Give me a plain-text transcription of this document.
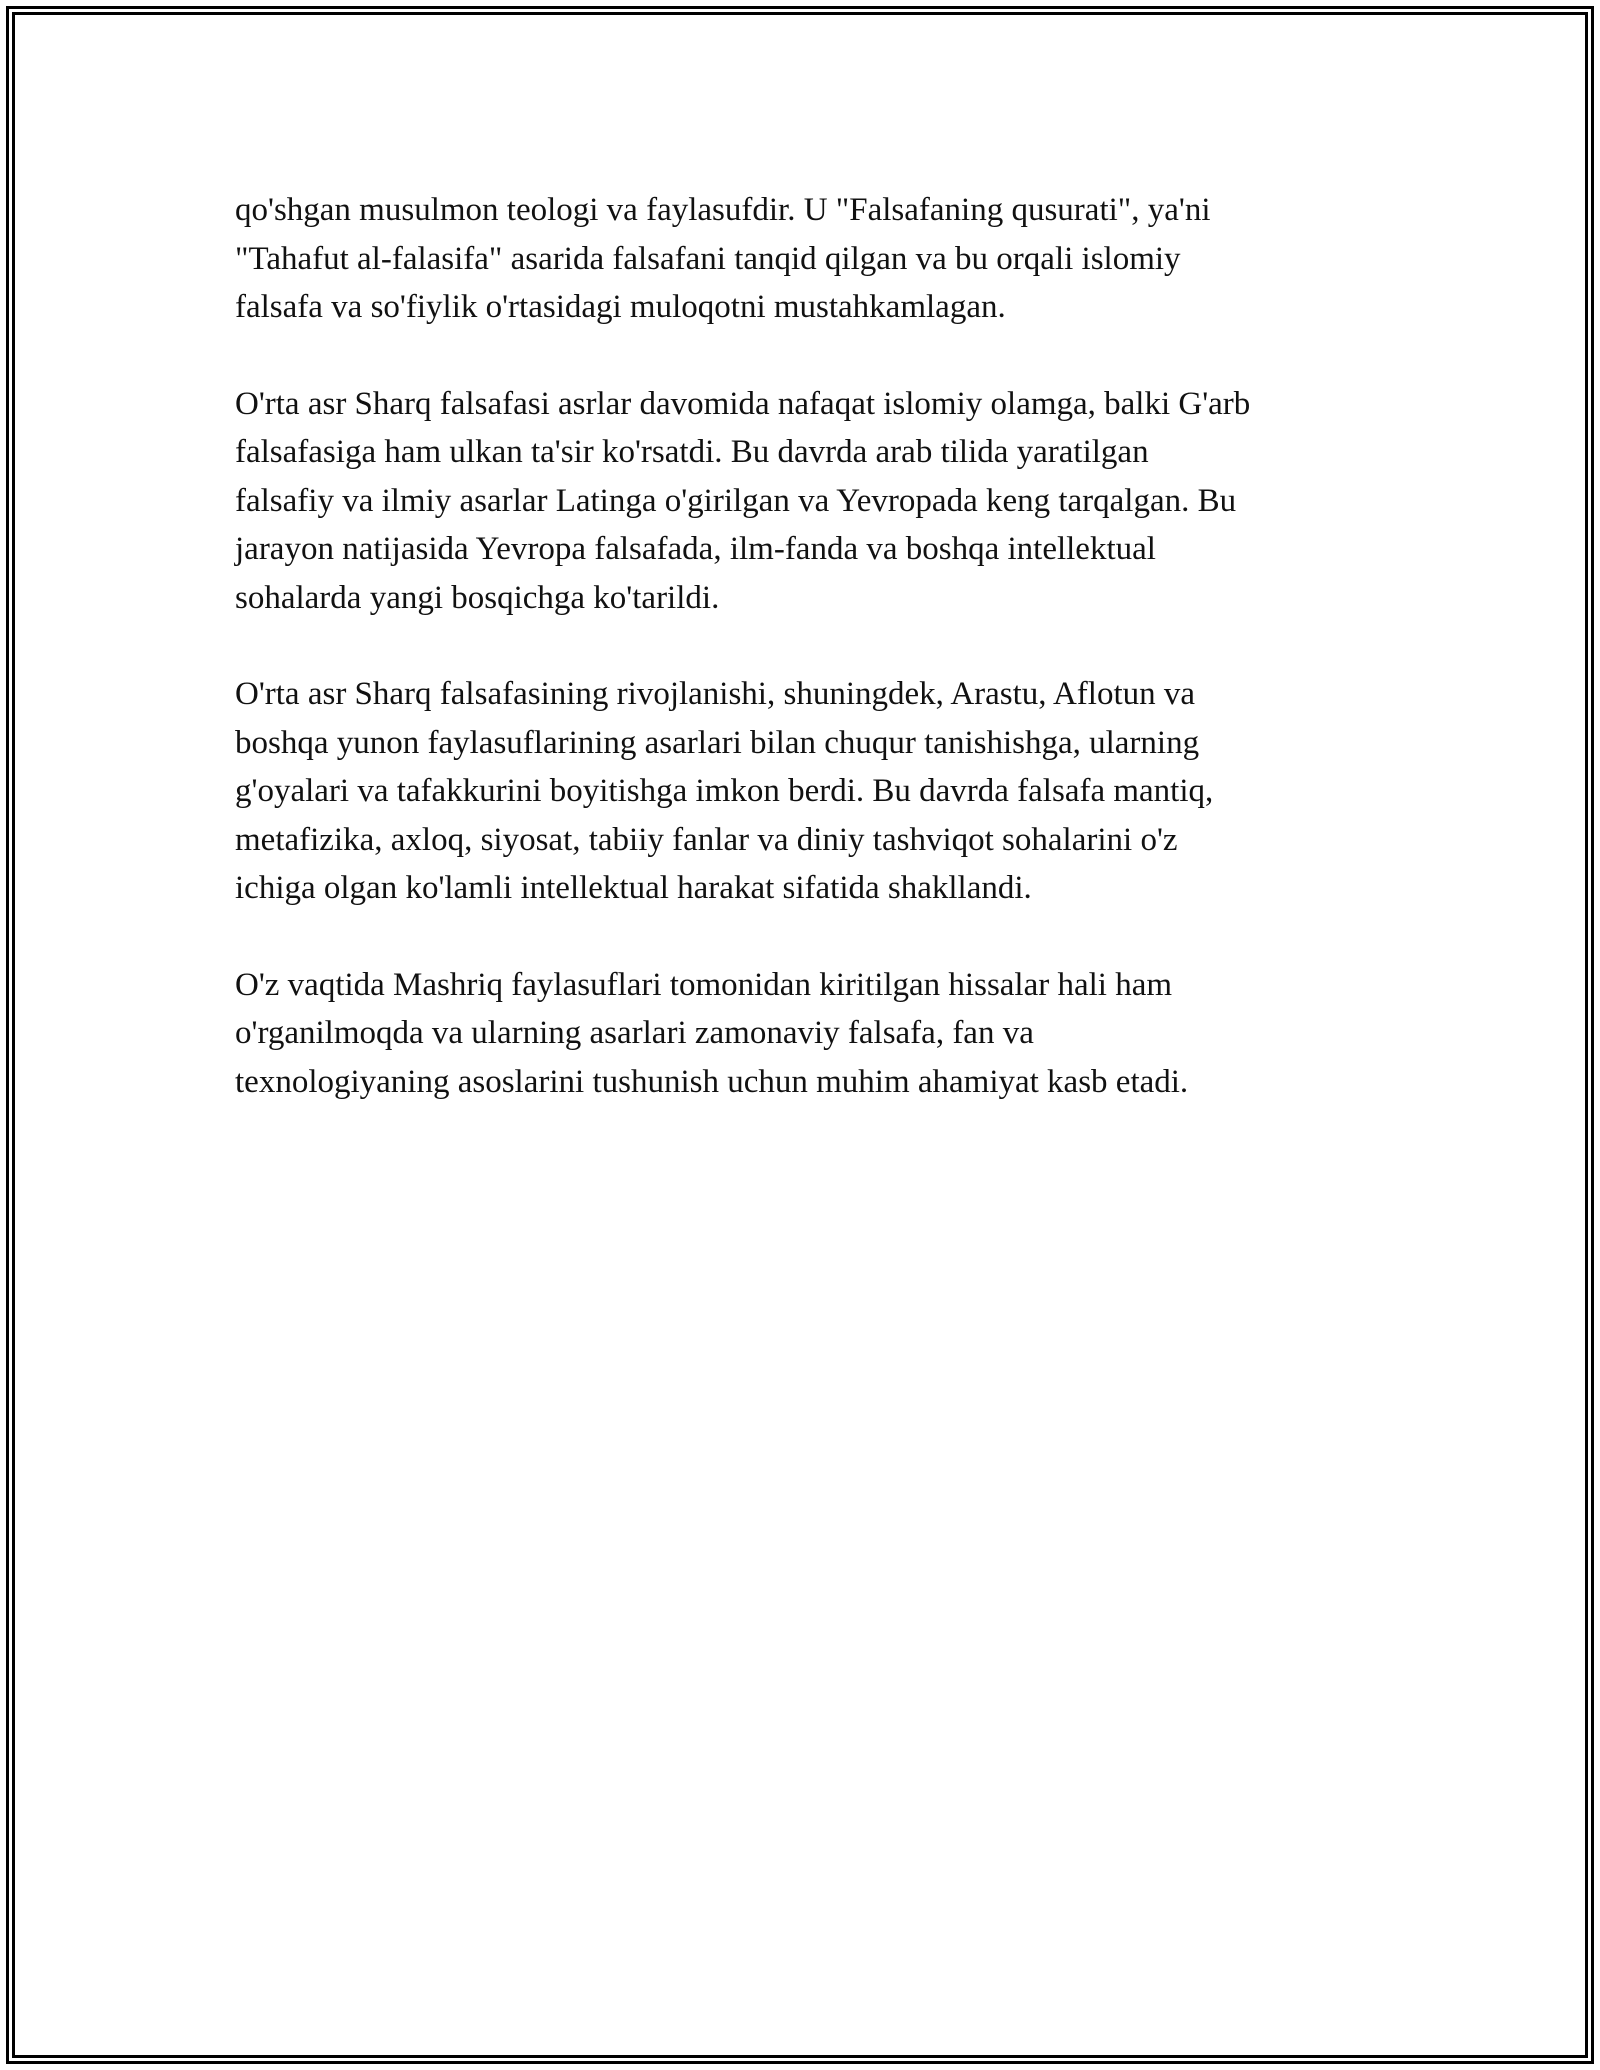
qo'shgan musulmon teologi va faylasufdir. U "Falsafaning qusurati", ya'ni
"Tahafut al-falasifa" asarida falsafani tanqid qilgan va bu orqali islomiy
falsafa va so'fiylik o'rtasidagi muloqotni mustahkamlagan.

O'rta asr Sharq falsafasi asrlar davomida nafaqat islomiy olamga, balki G'arb
falsafasiga ham ulkan ta'sir ko'rsatdi. Bu davrda arab tilida yaratilgan
falsafiy va ilmiy asarlar Latinga o'girilgan va Yevropada keng tarqalgan. Bu
jarayon natijasida Yevropa falsafada, ilm-fanda va boshqa intellektual
sohalarda yangi bosqichga ko'tarildi.

O'rta asr Sharq falsafasining rivojlanishi, shuningdek, Arastu, Aflotun va
boshqa yunon faylasuflarining asarlari bilan chuqur tanishishga, ularning
g'oyalari va tafakkurini boyitishga imkon berdi. Bu davrda falsafa mantiq,
metafizika, axloq, siyosat, tabiiy fanlar va diniy tashviqot sohalarini o'z
ichiga olgan ko'lamli intellektual harakat sifatida shakllandi.

O'z vaqtida Mashriq faylasuflari tomonidan kiritilgan hissalar hali ham
o'rganilmoqda va ularning asarlari zamonaviy falsafa, fan va
texnologiyaning asoslarini tushunish uchun muhim ahamiyat kasb etadi.
